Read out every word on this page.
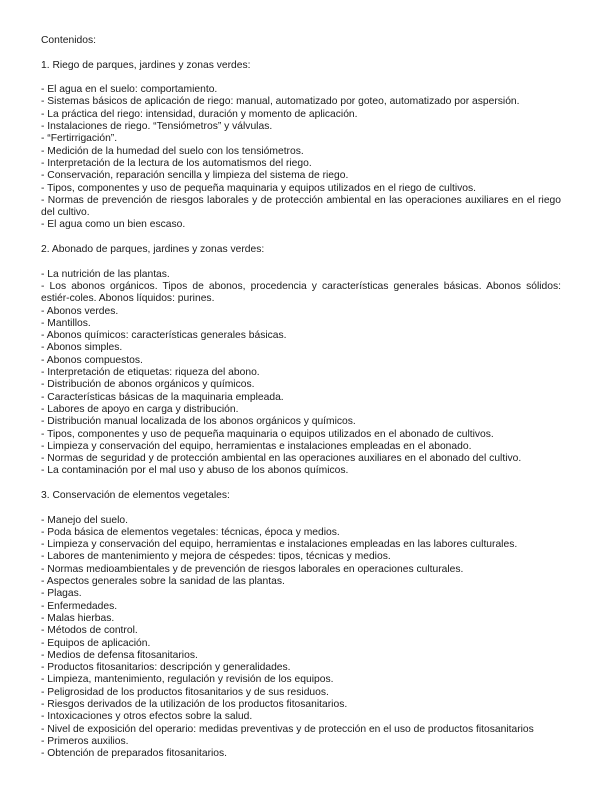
Contenidos:

1. Riego de parques, jardines y zonas verdes:

- El agua en el suelo: comportamiento.
- Sistemas básicos de aplicación de riego: manual, automatizado por goteo, automatizado por aspersión.
- La práctica del riego: intensidad, duración y momento de aplicación.
- Instalaciones de riego. “Tensiómetros” y válvulas.
- “Fertirrigación”.
- Medición de la humedad del suelo con los tensiómetros.
- Interpretación de la lectura de los automatismos del riego.
- Conservación, reparación sencilla y limpieza del sistema de riego.
- Tipos, componentes y uso de pequeña maquinaria y equipos utilizados en el riego de cultivos.
- Normas de prevención de riesgos laborales y de protección ambiental en las operaciones auxiliares en el riego del cultivo.
- El agua como un bien escaso.

2. Abonado de parques, jardines y zonas verdes:

- La nutrición de las plantas.
- Los abonos orgánicos. Tipos de abonos, procedencia y características generales básicas. Abonos sólidos: estiér-coles. Abonos líquidos: purines.
- Abonos verdes.
- Mantillos.
- Abonos químicos: características generales básicas.
- Abonos simples.
- Abonos compuestos.
- Interpretación de etiquetas: riqueza del abono.
- Distribución de abonos orgánicos y químicos.
- Características básicas de la maquinaria empleada.
- Labores de apoyo en carga y distribución.
- Distribución manual localizada de los abonos orgánicos y químicos.
- Tipos, componentes y uso de pequeña maquinaria o equipos utilizados en el abonado de cultivos.
- Limpieza y conservación del equipo, herramientas e instalaciones empleadas en el abonado.
- Normas de seguridad y de protección ambiental en las operaciones auxiliares en el abonado del cultivo.
- La contaminación por el mal uso y abuso de los abonos químicos.

3. Conservación de elementos vegetales:

- Manejo del suelo.
- Poda básica de elementos vegetales: técnicas, época y medios.
- Limpieza y conservación del equipo, herramientas e instalaciones empleadas en las labores culturales.
- Labores de mantenimiento y mejora de céspedes: tipos, técnicas y medios.
- Normas medioambientales y de prevención de riesgos laborales en operaciones culturales.
- Aspectos generales sobre la sanidad de las plantas.
- Plagas.
- Enfermedades.
- Malas hierbas.
- Métodos de control.
- Equipos de aplicación.
- Medios de defensa fitosanitarios.
- Productos fitosanitarios: descripción y generalidades.
- Limpieza, mantenimiento, regulación y revisión de los equipos.
- Peligrosidad de los productos fitosanitarios y de sus residuos.
- Riesgos derivados de la utilización de los productos fitosanitarios.
- Intoxicaciones y otros efectos sobre la salud.
- Nivel de exposición del operario: medidas preventivas y de protección en el uso de productos fitosanitarios
- Primeros auxilios.
- Obtención de preparados fitosanitarios.
